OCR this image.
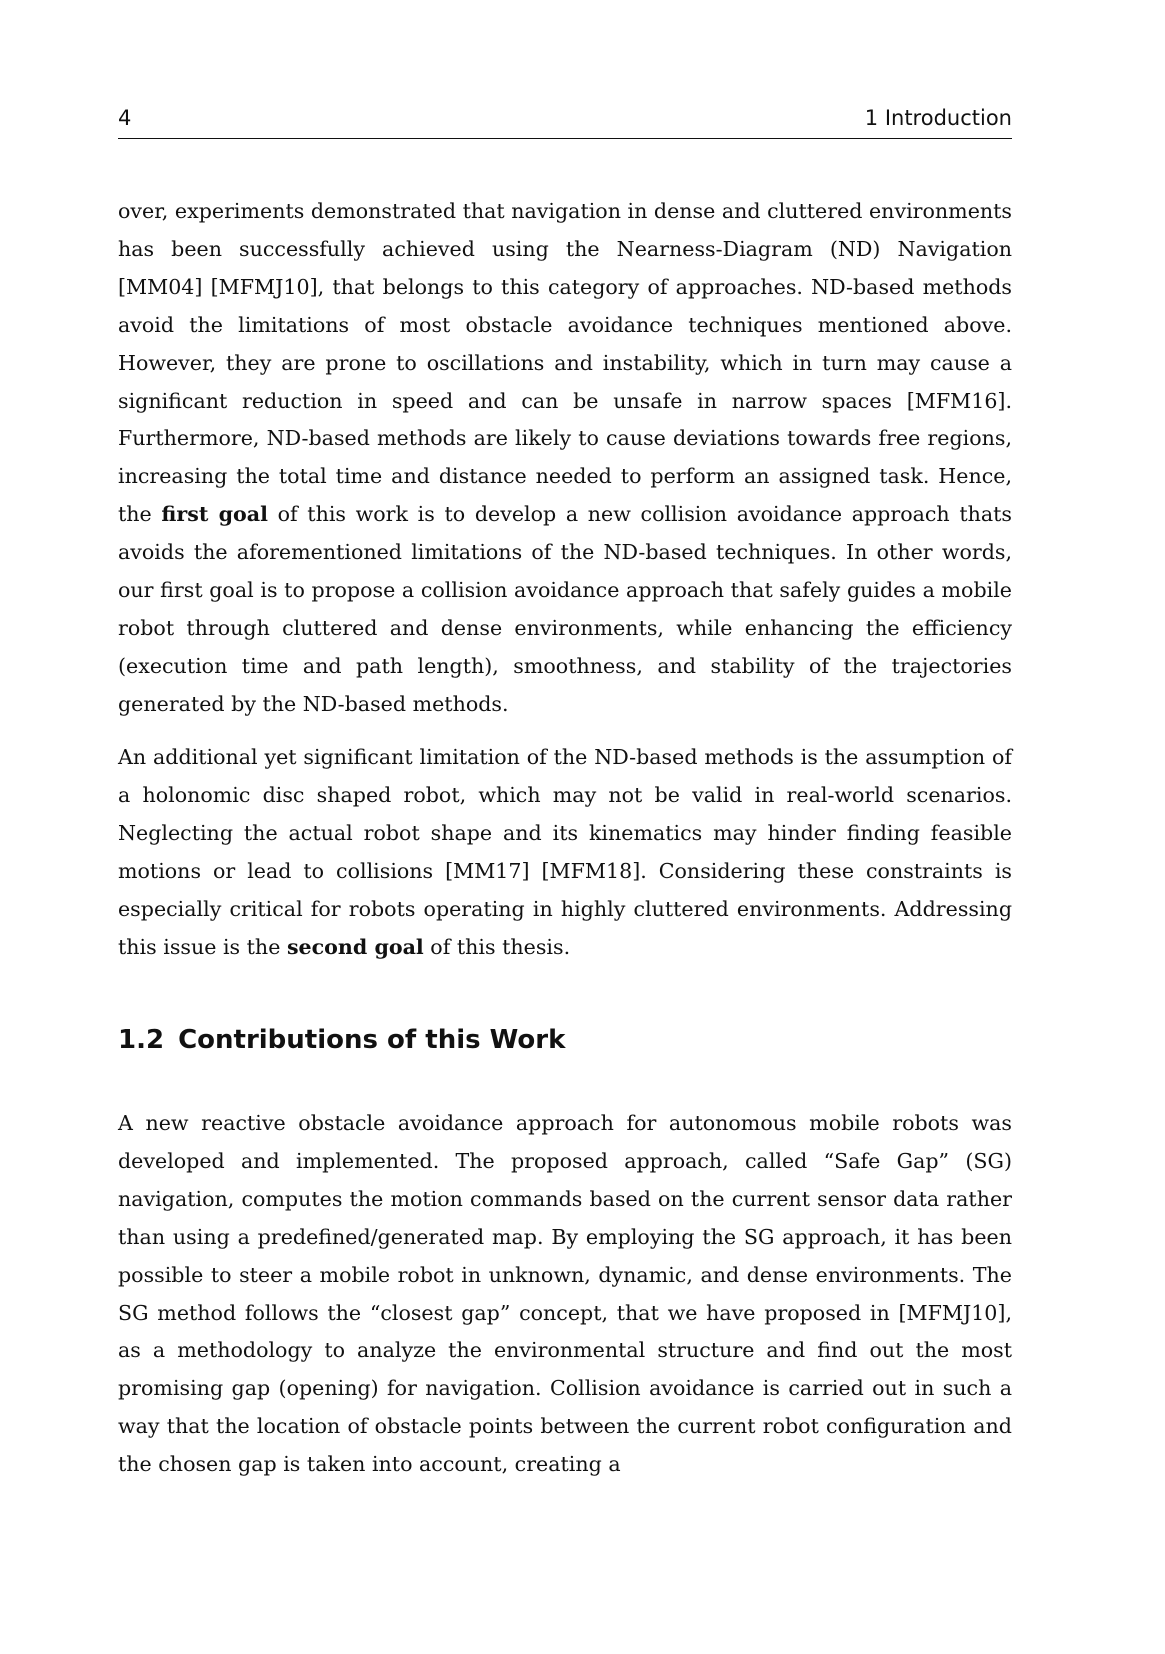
4	1 Introduction

over, experiments demonstrated that navigation in dense and cluttered environments has been successfully achieved using the Nearness-Diagram (ND) Navigation [MM04] [MFMJ10], that belongs to this category of approaches. ND-based methods avoid the limitations of most obstacle avoidance techniques mentioned above. However, they are prone to oscillations and instability, which in turn may cause a significant reduction in speed and can be unsafe in narrow spaces [MFM16]. Furthermore, ND-based methods are likely to cause deviations towards free regions, increasing the total time and distance needed to perform an assigned task. Hence, the first goal of this work is to develop a new collision avoidance approach thats avoids the aforementioned limitations of the ND-based techniques. In other words, our first goal is to propose a collision avoidance approach that safely guides a mobile robot through cluttered and dense environments, while enhancing the efficiency (execution time and path length), smoothness, and stability of the trajectories generated by the ND-based methods.

An additional yet significant limitation of the ND-based methods is the assumption of a holonomic disc shaped robot, which may not be valid in real-world scenarios. Neglecting the actual robot shape and its kinematics may hinder finding feasible motions or lead to collisions [MM17] [MFM18]. Considering these constraints is especially critical for robots operating in highly cluttered environments. Addressing this issue is the second goal of this thesis.

1.2 Contributions of this Work

A new reactive obstacle avoidance approach for autonomous mobile robots was developed and implemented. The proposed approach, called “Safe Gap” (SG) navigation, computes the motion commands based on the current sensor data rather than using a predefined/generated map. By employing the SG approach, it has been possible to steer a mobile robot in unknown, dynamic, and dense environments. The SG method follows the “closest gap” concept, that we have proposed in [MFMJ10], as a methodology to analyze the environmental structure and find out the most promising gap (opening) for navigation. Collision avoidance is carried out in such a way that the location of obstacle points between the current robot configuration and the chosen gap is taken into account, creating a
